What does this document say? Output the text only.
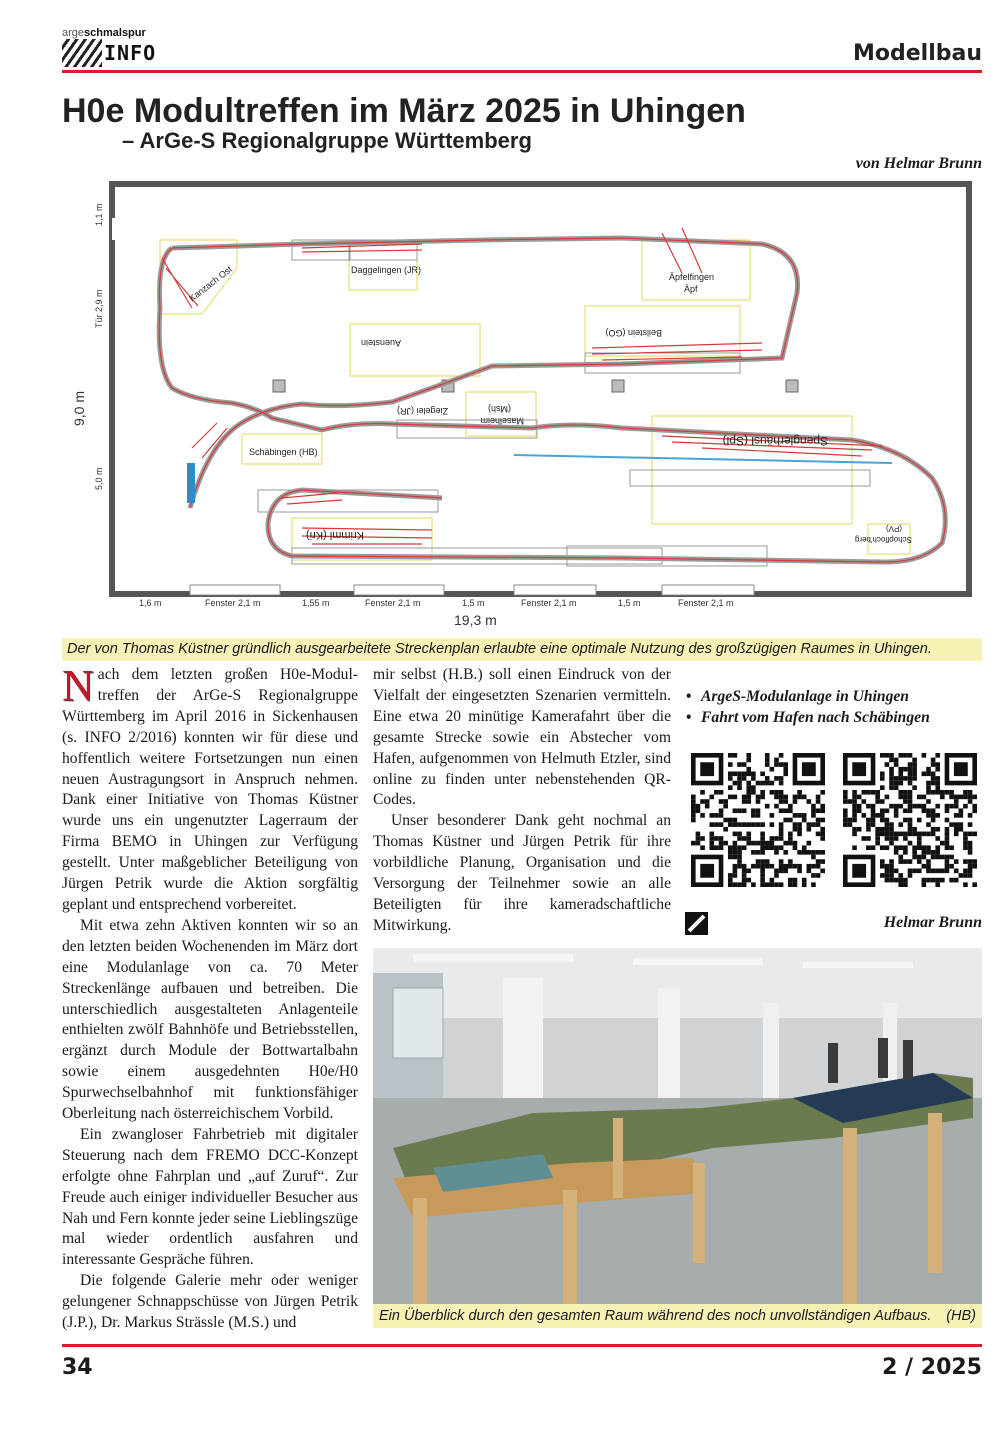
argeschmalspur
INFO	Modellbau
H0e Modultreffen im März 2025 in Uhingen
– ArGe-S Regionalgruppe Württemberg
von Helmar Brunn
Daggelingen (JR)
Äpfelfingen
Äpf
Kanzach Ost
Auenstein
Beilstein (GO)
Ziegelei (JR)
Maselheim
(Msh)
Schäbingen (HB)
Spenglerhäusl (Spl)
Krimml (Kri)	Schopfloch'berg
(PV)
1,1 m
Tür 2,9 m
9,0 m
5,0 m
1,6 m	Fenster 2,1 m	1,55 m	Fenster 2,1 m	1,5 m	Fenster 2,1 m	1,5 m	Fenster 2,1 m
19,3 m
Der von Thomas Küstner gründlich ausgearbeitete Streckenplan erlaubte eine optimale Nutzung des großzügigen Raumes in Uhingen.

Nach dem letzten großen H0e-Modultreffen der ArGe-S Regionalgruppe Württemberg im April 2016 in Sickenhausen (s. INFO 2/2016) konnten wir für diese und hoffentlich weitere Fortsetzungen nun einen neuen Austragungsort in Anspruch nehmen. Dank einer Initiative von Thomas Küstner wurde uns ein ungenutzter Lagerraum der Firma BEMO in Uhingen zur Verfügung gestellt. Unter maßgeblicher Beteiligung von Jürgen Petrik wurde die Aktion sorgfältig geplant und entsprechend vorbereitet.

Mit etwa zehn Aktiven konnten wir so an den letzten beiden Wochenenden im März dort eine Modulanlage von ca. 70 Meter Streckenlänge aufbauen und betreiben. Die unterschiedlich ausgestalteten Anlagenteile enthielten zwölf Bahnhöfe und Betriebsstellen, ergänzt durch Module der Bottwartalbahn sowie einem ausgedehnten H0e/H0 Spurwechselbahnhof mit funktionsfähiger Oberleitung nach österreichischem Vorbild.

Ein zwangloser Fahrbetrieb mit digitaler Steuerung nach dem FREMO DCC-Konzept erfolgte ohne Fahrplan und „auf Zuruf“. Zur Freude auch einiger individueller Besucher aus Nah und Fern konnte jeder seine Lieblingszüge mal wieder ordentlich ausfahren und interessante Gespräche führen.

Die folgende Galerie mehr oder weniger gelungener Schnappschüsse von Jürgen Petrik (J.P.), Dr. Markus Strässle (M.S.) und

mir selbst (H.B.) soll einen Eindruck von der Vielfalt der eingesetzten Szenarien vermitteln. Eine etwa 20 minütige Kamerafahrt über die gesamte Strecke sowie ein Abstecher vom Hafen, aufgenommen von Helmuth Etzler, sind online zu finden unter nebenstehenden QR-Codes.

Unser besonderer Dank geht nochmal an Thomas Küstner und Jürgen Petrik für ihre vorbildliche Planung, Organisation und die Versorgung der Teilnehmer sowie an alle Beteiligten für ihre kameradschaftliche Mitwirkung.

• ArgeS-Modulanlage in Uhingen
• Fahrt vom Hafen nach Schäbingen
Helmar Brunn
Ein Überblick durch den gesamten Raum während des noch unvollständigen Aufbaus. (HB)
34	2 / 2025
